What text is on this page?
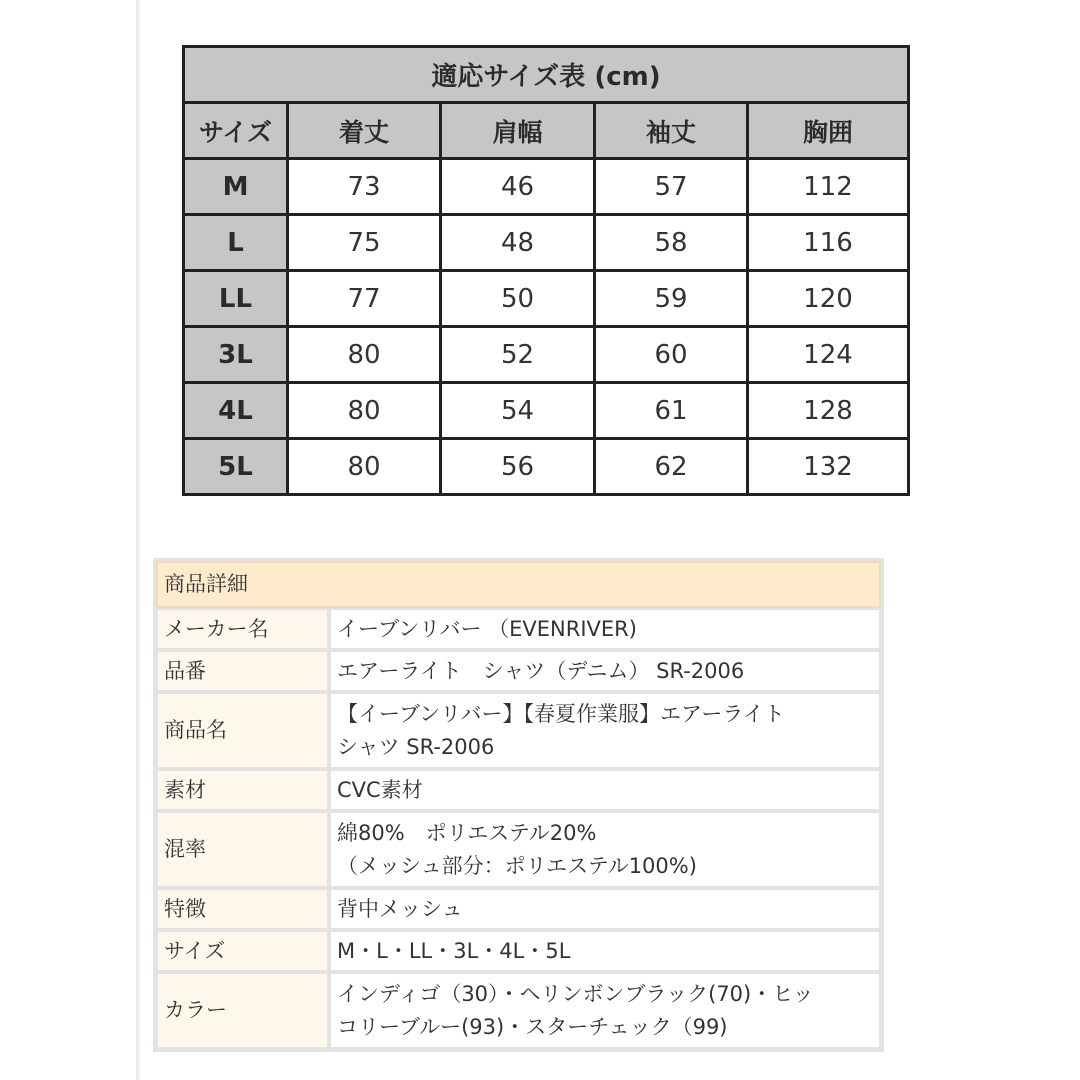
適応サイズ表 (cm)				
サイズ	着丈	肩幅	袖丈	胸囲
M	73	46	57	112
L	75	48	58	116
LL	77	50	59	120
3L	80	52	60	124
4L	80	54	61	128
5L	80	56	62	132
商品詳細	
メーカー名	イーブンリバー （EVENRIVER)
品番	エアーライト　シャツ（デニム） SR-2006
商品名	【イーブンリバー】【春夏作業服】エアーライト
シャツ SR-2006

素材	CVC素材
混率	綿80%　ポリエステル20%
（メッシュ部分：ポリエステル100%)

特徴	背中メッシュ
サイズ	M・L・LL・3L・4L・5L
カラー	インディゴ（30）・ヘリンボンブラック(70)・ヒッ
コリーブルー(93)・スターチェック（99)
